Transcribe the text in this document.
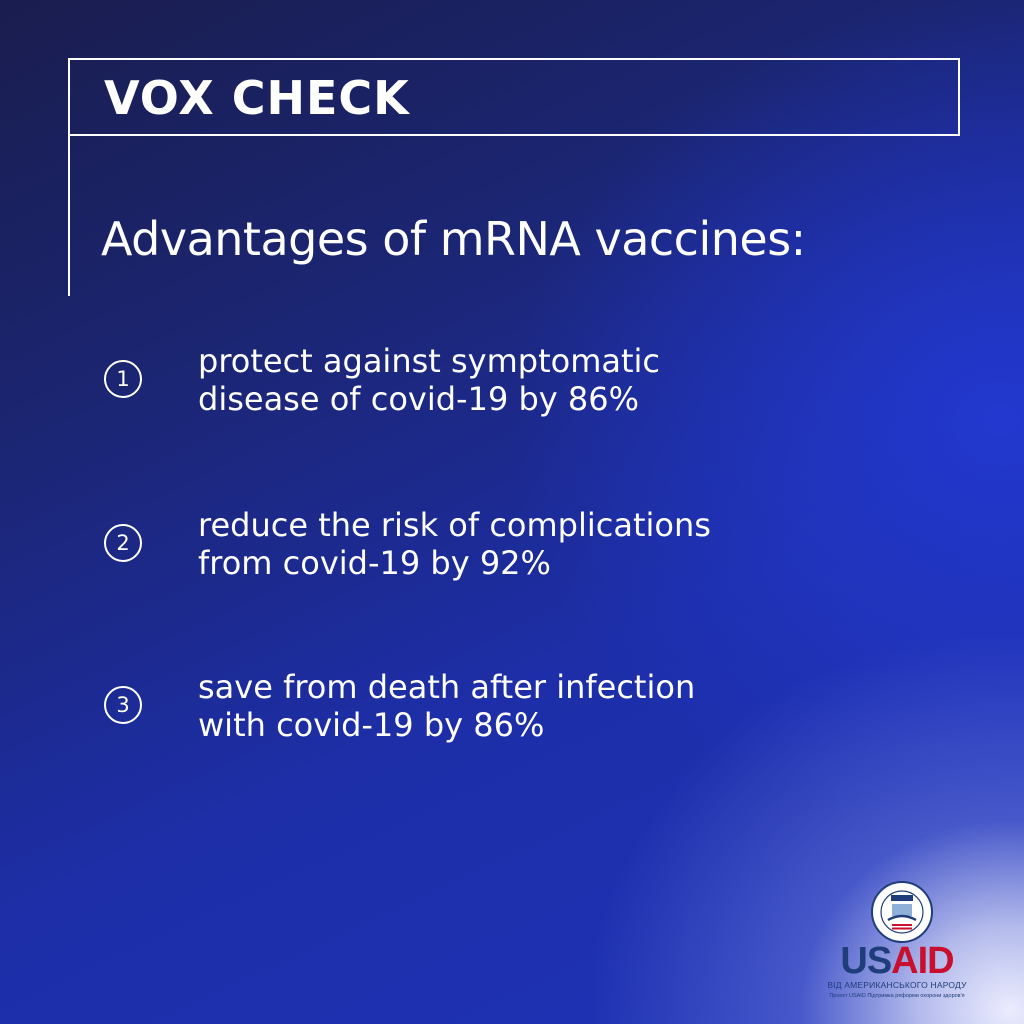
VOX CHECK
Advantages of mRNA vaccines:
1	protect against symptomatic
disease of covid-19 by 86%
2	reduce the risk of complications
from covid-19 by 92%
3	save from death after infection
with covid-19 by 86%
USAID
ВІД АМЕРИКАНСЬКОГО НАРОДУ
Проект USAID Підтримка реформи охорони здоров'я
